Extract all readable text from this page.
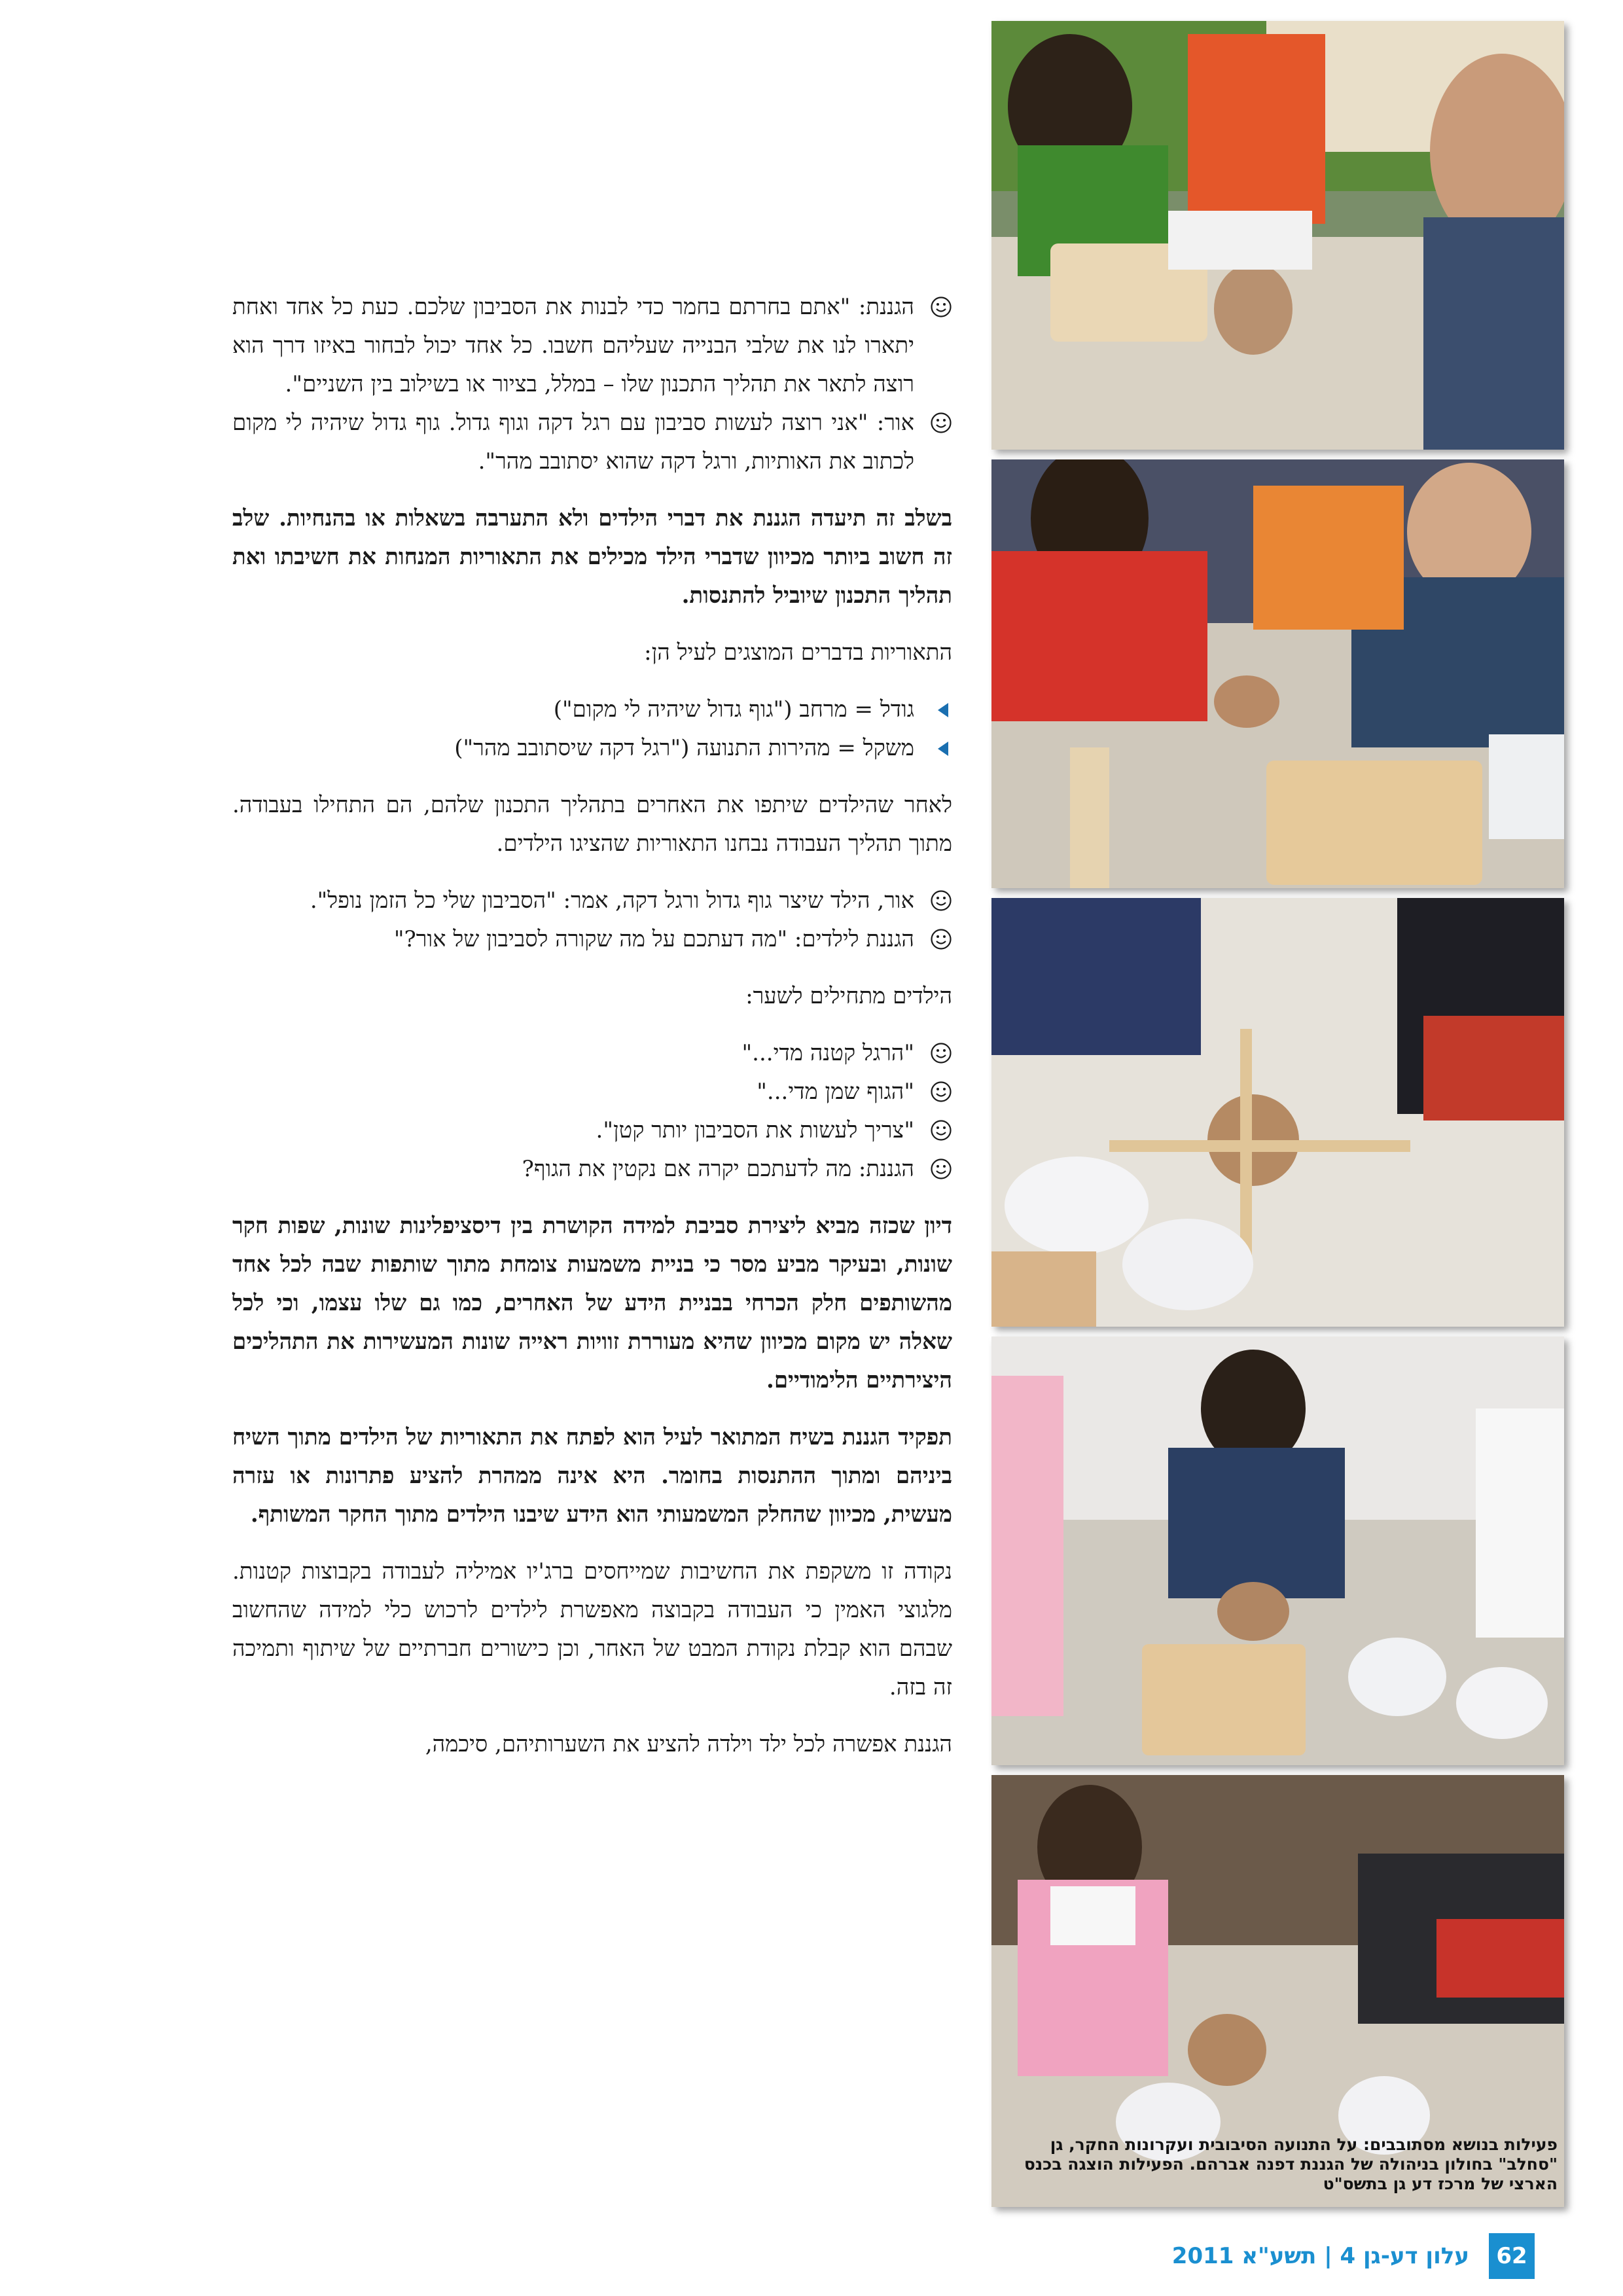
הגננת: "אתם בחרתם בחמר כדי לבנות את הסביבון שלכם. כעת כל אחד ואחת יתארו לנו את שלבי הבנייה שעליהם חשבו. כל אחד יכול לבחור באיזו דרך הוא רוצה לתאר את תהליך התכנון שלו – במלל, בציור או בשילוב בין השניים".
אור: "אני רוצה לעשות סביבון עם רגל דקה וגוף גדול. גוף גדול שיהיה לי מקום לכתוב את האותיות, ורגל דקה שהוא יסתובב מהר".

בשלב זה תיעדה הגננת את דברי הילדים ולא התערבה בשאלות או בהנחיות. שלב זה חשוב ביותר מכיוון שדברי הילד מכילים את התאוריות המנחות את חשיבתו ואת תהליך התכנון שיוביל להתנסות.

התאוריות בדברים המוצגים לעיל הן:

גודל = מרחב ("גוף גדול שיהיה לי מקום")
משקל = מהירות התנועה ("רגל דקה שיסתובב מהר")

לאחר שהילדים שיתפו את האחרים בתהליך התכנון שלהם, הם התחילו בעבודה. מתוך תהליך העבודה נבחנו התאוריות שהציגו הילדים.

אור, הילד שיצר גוף גדול ורגל דקה, אמר: "הסביבון שלי כל הזמן נופל".
הגננת לילדים: "מה דעתכם על מה שקורה לסביבון של אור?"

הילדים מתחילים לשער:

"הרגל קטנה מדי..."
"הגוף שמן מדי..."
"צריך לעשות את הסביבון יותר קטן".
הגננת: מה לדעתכם יקרה אם נקטין את הגוף?

דיון שכזה מביא ליצירת סביבת למידה הקושרת בין דיסציפלינות שונות, שפות חקר שונות, ובעיקר מביע מסר כי בניית משמעות צומחת מתוך שותפות שבה לכל אחד מהשותפים חלק הכרחי בבניית הידע של האחרים, כמו גם שלו עצמו, וכי לכל שאלה יש מקום מכיוון שהיא מעוררת זוויות ראייה שונות המעשירות את התהליכים היצירתיים הלימודיים.

תפקיד הגננת בשיח המתואר לעיל הוא לפתח את התאוריות של הילדים מתוך השיח ביניהם ומתוך ההתנסות בחומר. היא אינה ממהרת להציע פתרונות או עזרה מעשית, מכיוון שהחלק המשמעותי הוא הידע שיבנו הילדים מתוך החקר המשותף.

נקודה זו משקפת את החשיבות שמייחסים ברג'יו אמיליה לעבודה בקבוצות קטנות. מלגוצי האמין כי העבודה בקבוצה מאפשרת לילדים לרכוש כלי למידה שהחשוב שבהם הוא קבלת נקודת המבט של האחר, וכן כישורים חברתיים של שיתוף ותמיכה זה בזה.

הגננת אפשרה לכל ילד וילדה להציע את השערותיהם, סיכמה,

פעילות בנושא מסתובבים: על התנועה הסיבובית ועקרונות החקר, גן "סחלב" בחולון בניהולה של הגננת דפנה אברהם. הפעילות הוצגה בכנס הארצי של מרכז דע גן בתשס"ט
62
עלון דע-גן 4 | תשע"א 2011
